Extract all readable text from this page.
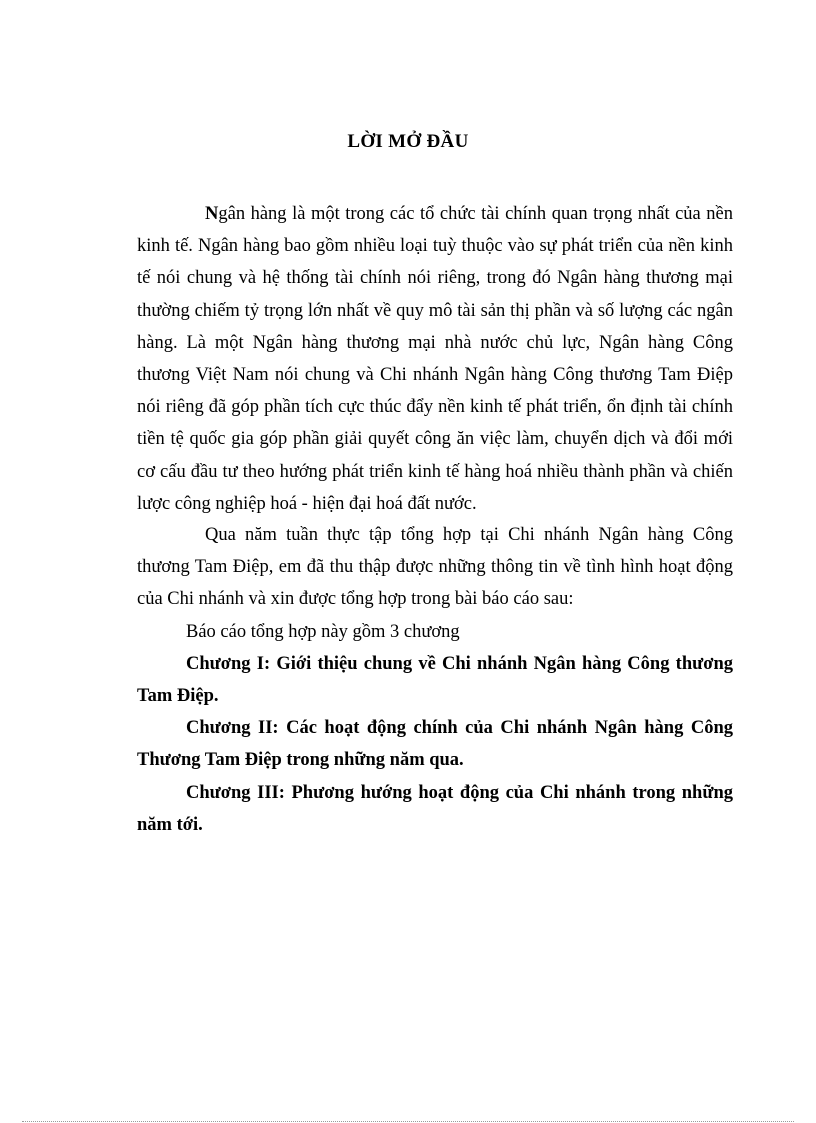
LỜI MỞ ĐẦU
Ngân hàng là một trong các tổ chức tài chính quan trọng nhất của nền kinh tế. Ngân hàng bao gồm nhiều loại tuỳ thuộc vào sự phát triển của nền kinh tế nói chung và hệ thống tài chính nói riêng, trong đó Ngân hàng thương mại thường chiếm tỷ trọng lớn nhất về quy mô tài sản thị phần và số lượng các ngân hàng. Là một Ngân hàng thương mại nhà nước chủ lực, Ngân hàng Công thương Việt Nam nói chung và Chi nhánh Ngân hàng Công thương Tam Điệp nói riêng đã góp phần tích cực thúc đẩy nền kinh tế phát triển, ổn định tài chính tiền tệ quốc gia góp phần giải quyết công ăn việc làm, chuyển dịch và đổi mới cơ cấu đầu tư theo hướng phát triển kinh tế hàng hoá nhiều thành phần và chiến lược công nghiệp hoá - hiện đại hoá đất nước.
Qua năm tuần thực tập tổng hợp tại Chi nhánh Ngân hàng Công thương Tam Điệp, em đã thu thập được những thông tin về tình hình hoạt động của Chi nhánh và xin được tổng hợp trong bài báo cáo sau:
Báo cáo tổng hợp này gồm 3 chương
Chương I: Giới thiệu chung về Chi nhánh Ngân hàng Công thương Tam Điệp.
Chương II: Các hoạt động chính của Chi nhánh Ngân hàng Công Thương Tam Điệp trong những năm qua.
Chương III: Phương hướng hoạt động của Chi nhánh trong những năm tới.
